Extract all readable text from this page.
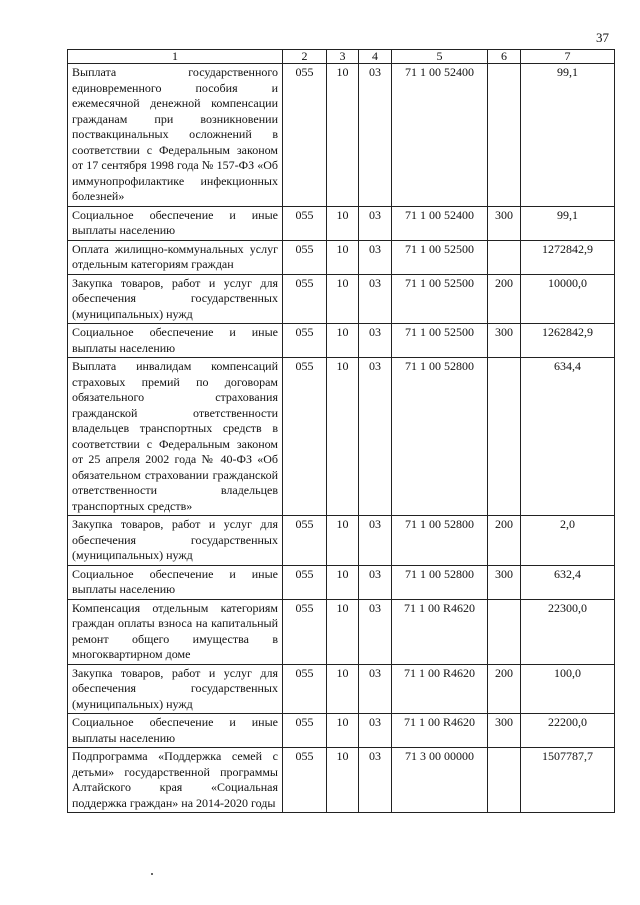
37
1	2	3	4	5	6	7
Выплата государственного единовременного пособия и ежемесячной денежной компенсации гражданам при возникновении поствакцинальных осложнений в соответствии с Федеральным законом от 17 сентября 1998 года № 157-ФЗ «Об иммунопрофилактике инфекционных болезней»	055	10	03	71 1 00 52400		99,1
Социальное обеспечение и иные выплаты населению	055	10	03	71 1 00 52400	300	99,1
Оплата жилищно-коммунальных услуг отдельным категориям граждан	055	10	03	71 1 00 52500		1272842,9
Закупка товаров, работ и услуг для обеспечения государственных (муниципальных) нужд	055	10	03	71 1 00 52500	200	10000,0
Социальное обеспечение и иные выплаты населению	055	10	03	71 1 00 52500	300	1262842,9
Выплата инвалидам компенсаций страховых премий по договорам обязательного страхования гражданской ответственности владельцев транспортных средств в соответствии с Федеральным законом от 25 апреля 2002 года № 40-ФЗ «Об обязательном страховании гражданской ответственности владельцев транспортных средств»	055	10	03	71 1 00 52800		634,4
Закупка товаров, работ и услуг для обеспечения государственных (муниципальных) нужд	055	10	03	71 1 00 52800	200	2,0
Социальное обеспечение и иные выплаты населению	055	10	03	71 1 00 52800	300	632,4
Компенсация отдельным категориям граждан оплаты взноса на капитальный ремонт общего имущества в многоквартирном доме	055	10	03	71 1 00 R4620		22300,0
Закупка товаров, работ и услуг для обеспечения государственных (муниципальных) нужд	055	10	03	71 1 00 R4620	200	100,0
Социальное обеспечение и иные выплаты населению	055	10	03	71 1 00 R4620	300	22200,0
Подпрограмма «Поддержка семей с детьми» государственной программы Алтайского края «Социальная поддержка граждан» на 2014-2020 годы	055	10	03	71 3 00 00000		1507787,7
